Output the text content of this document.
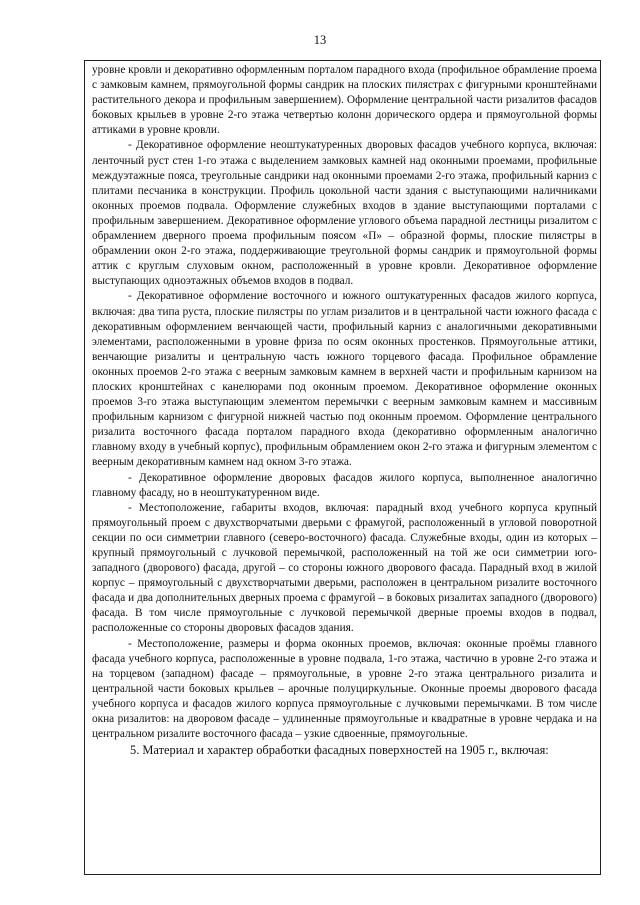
13

уровне кровли и декоративно оформленным порталом парадного входа (профильное обрамление проема с замковым камнем, прямоугольной формы сандрик на плоских пилястрах с фигурными кронштейнами растительного декора и профильным завершением). Оформление центральной части ризалитов фасадов боковых крыльев в уровне 2-го этажа четвертью колонн дорического ордера и прямоугольной формы аттиками в уровне кровли.

- Декоративное оформление неоштукатуренных дворовых фасадов учебного корпуса, включая: ленточный руст стен 1-го этажа с выделением замковых камней над оконными проемами, профильные междуэтажные пояса, треугольные сандрики над оконными проемами 2-го этажа, профильный карниз с плитами песчаника в конструкции. Профиль цокольной части здания с выступающими наличниками оконных проемов подвала. Оформление служебных входов в здание выступающими порталами с профильным завершением. Декоративное оформление углового объема парадной лестницы ризалитом с обрамлением дверного проема профильным поясом «П» – образной формы, плоские пилястры в обрамлении окон 2-го этажа, поддерживающие треугольной формы сандрик и прямоугольной формы аттик с круглым слуховым окном, расположенный в уровне кровли. Декоративное оформление выступающих одноэтажных объемов входов в подвал.

- Декоративное оформление восточного и южного оштукатуренных фасадов жилого корпуса, включая: два типа руста, плоские пилястры по углам ризалитов и в центральной части южного фасада с декоративным оформлением венчающей части, профильный карниз с аналогичными декоративными элементами, расположенными в уровне фриза по осям оконных простенков. Прямоугольные аттики, венчающие ризалиты и центральную часть южного торцевого фасада. Профильное обрамление оконных проемов 2-го этажа с веерным замковым камнем в верхней части и профильным карнизом на плоских кронштейнах с канелюрами под оконным проемом. Декоративное оформление оконных проемов 3-го этажа выступающим элементом перемычки с веерным замковым камнем и массивным профильным карнизом с фигурной нижней частью под оконным проемом. Оформление центрального ризалита восточного фасада порталом парадного входа (декоративно оформленным аналогично главному входу в учебный корпус), профильным обрамлением окон 2-го этажа и фигурным элементом с веерным декоративным камнем над окном 3-го этажа.

- Декоративное оформление дворовых фасадов жилого корпуса, выполненное аналогично главному фасаду, но в неоштукатуренном виде.

- Местоположение, габариты входов, включая: парадный вход учебного корпуса крупный прямоугольный проем с двухстворчатыми дверьми с фрамугой, расположенный в угловой поворотной секции по оси симметрии главного (северо-восточного) фасада. Служебные входы, один из которых – крупный прямоугольный с лучковой перемычкой, расположенный на той же оси симметрии юго-западного (дворового) фасада, другой – со стороны южного дворового фасада. Парадный вход в жилой корпус – прямоугольный с двухстворчатыми дверьми, расположен в центральном ризалите восточного фасада и два дополнительных дверных проема с фрамугой – в боковых ризалитах западного (дворового) фасада. В том числе прямоугольные с лучковой перемычкой дверные проемы входов в подвал, расположенные со стороны дворовых фасадов здания.

- Местоположение, размеры и форма оконных проемов, включая: оконные проёмы главного фасада учебного корпуса, расположенные в уровне подвала, 1-го этажа, частично в уровне 2-го этажа и на торцевом (западном) фасаде – прямоугольные, в уровне 2-го этажа центрального ризалита и центральной части боковых крыльев – арочные полуциркульные. Оконные проемы дворового фасада учебного корпуса и фасадов жилого корпуса прямоугольные с лучковыми перемычками. В том числе окна ризалитов: на дворовом фасаде – удлиненные прямоугольные и квадратные в уровне чердака и на центральном ризалите восточного фасада – узкие сдвоенные, прямоугольные.

5. Материал и характер обработки фасадных поверхностей на 1905 г., включая:
